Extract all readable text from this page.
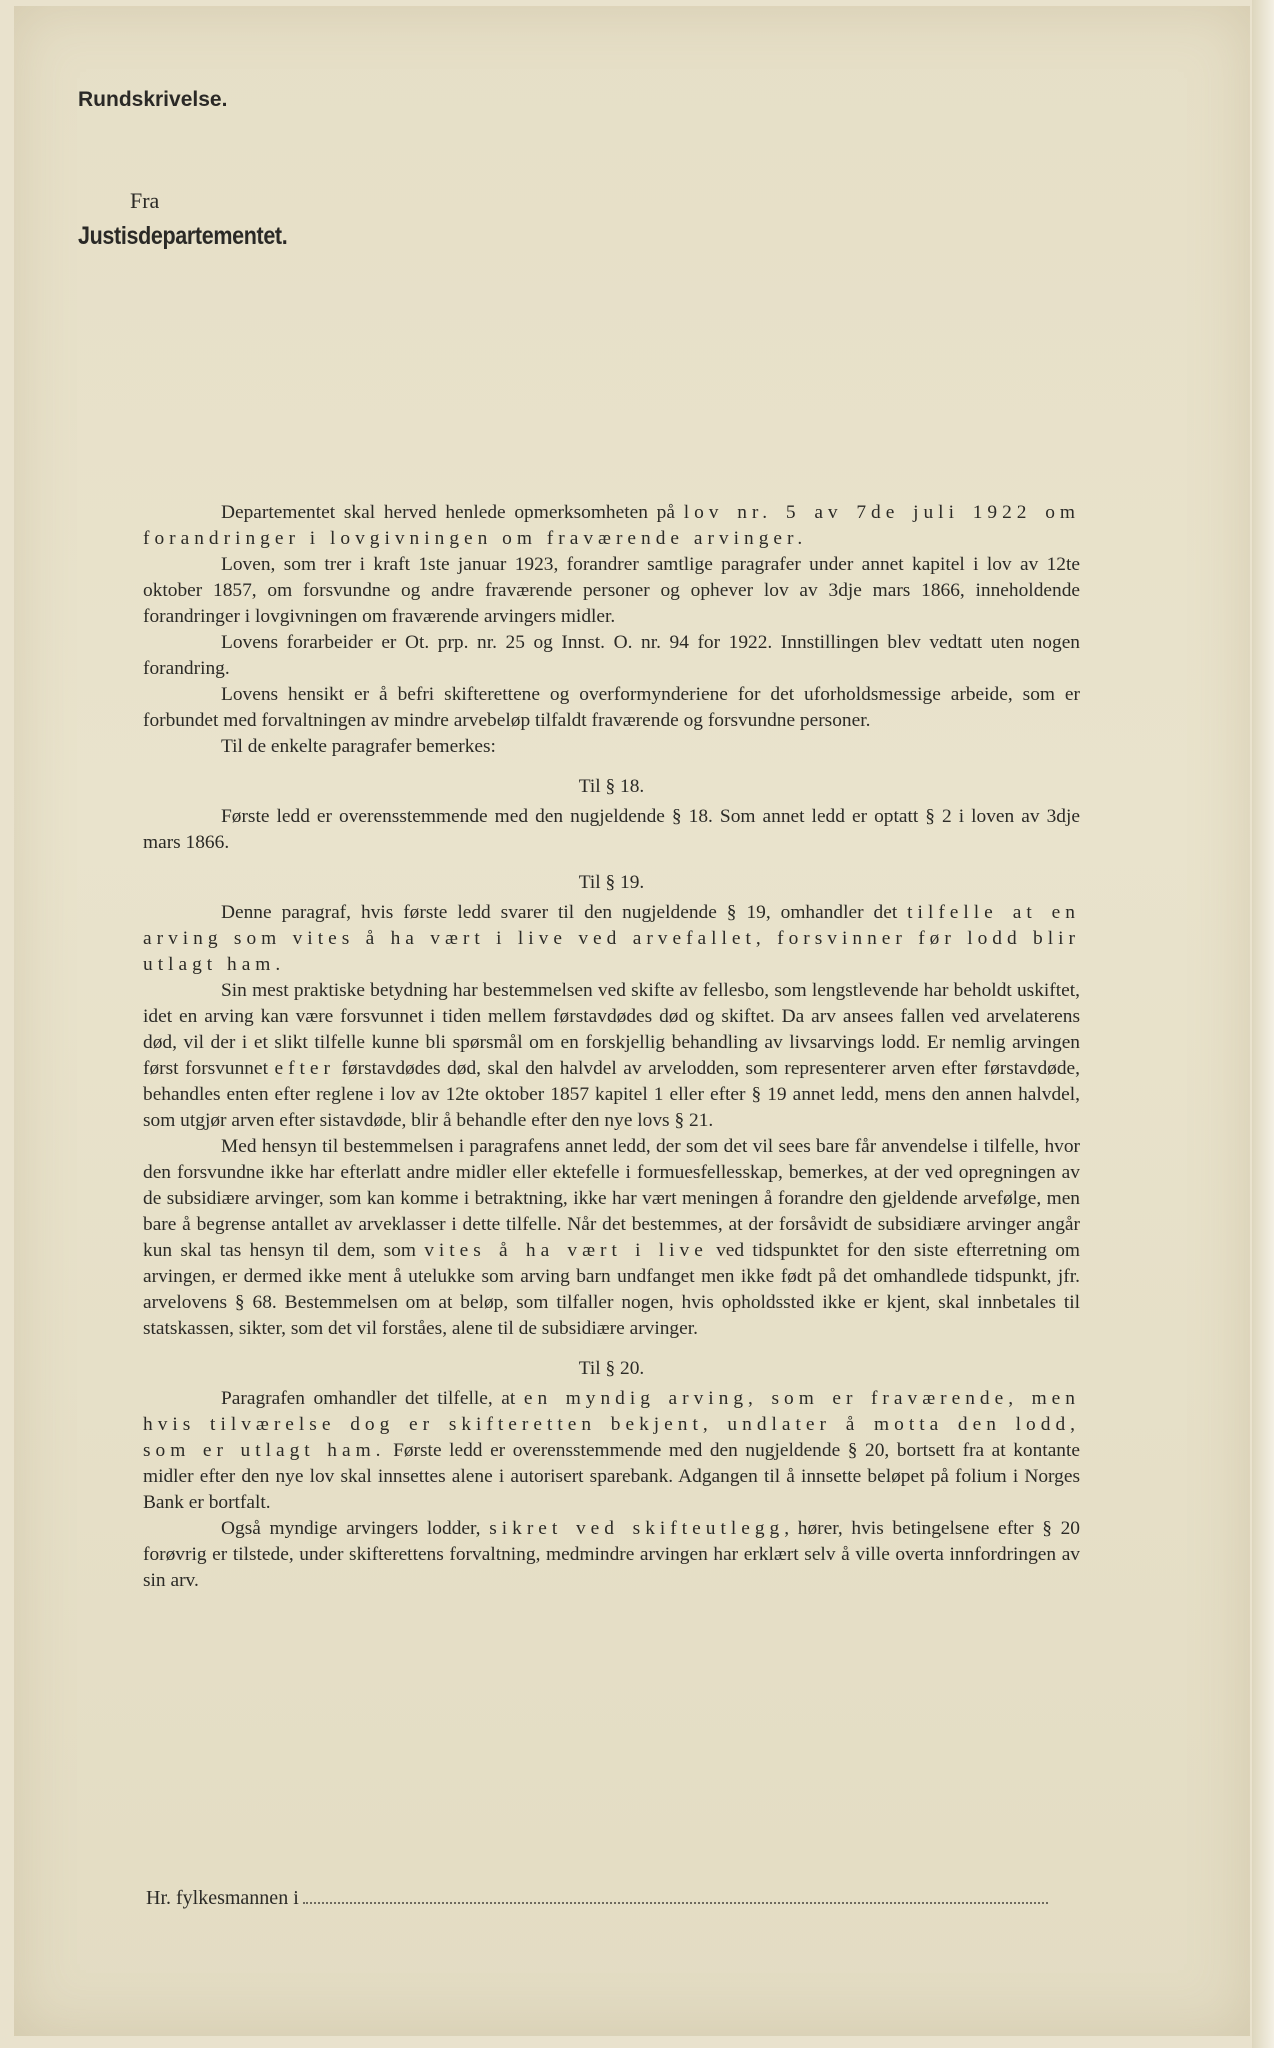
Rundskrivelse.
Fra
Justisdepartementet.

Departementet skal herved henlede opmerksomheten på lov nr. 5 av 7de juli 1922 om forandringer i lovgivningen om fraværende arvinger.

Loven, som trer i kraft 1ste januar 1923, forandrer samtlige paragrafer under annet kapitel i lov av 12te oktober 1857, om forsvundne og andre fraværende personer og ophever lov av 3dje mars 1866, inneholdende forandringer i lovgivningen om fraværende arvingers midler.

Lovens forarbeider er Ot. prp. nr. 25 og Innst. O. nr. 94 for 1922. Innstillingen blev vedtatt uten nogen forandring.

Lovens hensikt er å befri skifterettene og overformynderiene for det uforholdsmessige arbeide, som er forbundet med forvaltningen av mindre arvebeløp tilfaldt fraværende og forsvundne personer.

Til de enkelte paragrafer bemerkes:

Til § 18.

Første ledd er overensstemmende med den nugjeldende § 18. Som annet ledd er optatt § 2 i loven av 3dje mars 1866.

Til § 19.

Denne paragraf, hvis første ledd svarer til den nugjeldende § 19, omhandler det tilfelle at en arving som vites å ha vært i live ved arvefallet, forsvinner før lodd blir utlagt ham.

Sin mest praktiske betydning har bestemmelsen ved skifte av fellesbo, som lengstlevende har beholdt uskiftet, idet en arving kan være forsvunnet i tiden mellem førstavdødes død og skiftet. Da arv ansees fallen ved arvelaterens død, vil der i et slikt tilfelle kunne bli spørsmål om en forskjellig behandling av livsarvings lodd. Er nemlig arvingen først forsvunnet efter førstavdødes død, skal den halvdel av arvelodden, som representerer arven efter førstavdøde, behandles enten efter reglene i lov av 12te oktober 1857 kapitel 1 eller efter § 19 annet ledd, mens den annen halvdel, som utgjør arven efter sistavdøde, blir å behandle efter den nye lovs § 21.

Med hensyn til bestemmelsen i paragrafens annet ledd, der som det vil sees bare får anvendelse i tilfelle, hvor den forsvundne ikke har efterlatt andre midler eller ektefelle i formuesfellesskap, bemerkes, at der ved opregningen av de subsidiære arvinger, som kan komme i betraktning, ikke har vært meningen å forandre den gjeldende arvefølge, men bare å begrense antallet av arveklasser i dette tilfelle. Når det bestemmes, at der forsåvidt de subsidiære arvinger angår kun skal tas hensyn til dem, som vites å ha vært i live ved tidspunktet for den siste efterretning om arvingen, er dermed ikke ment å utelukke som arving barn undfanget men ikke født på det omhandlede tidspunkt, jfr. arvelovens § 68. Bestemmelsen om at beløp, som tilfaller nogen, hvis opholdssted ikke er kjent, skal innbetales til statskassen, sikter, som det vil forståes, alene til de subsidiære arvinger.

Til § 20.

Paragrafen omhandler det tilfelle, at en myndig arving, som er fraværende, men hvis tilværelse dog er skifteretten bekjent, undlater å motta den lodd, som er utlagt ham. Første ledd er overensstemmende med den nugjeldende § 20, bortsett fra at kontante midler efter den nye lov skal innsettes alene i autorisert sparebank. Adgangen til å innsette beløpet på folium i Norges Bank er bortfalt.

Også myndige arvingers lodder, sikret ved skifteutlegg, hører, hvis betingelsene efter § 20 forøvrig er tilstede, under skifterettens forvaltning, medmindre arvingen har erklært selv å ville overta innfordringen av sin arv.

Hr. fylkesmannen i
